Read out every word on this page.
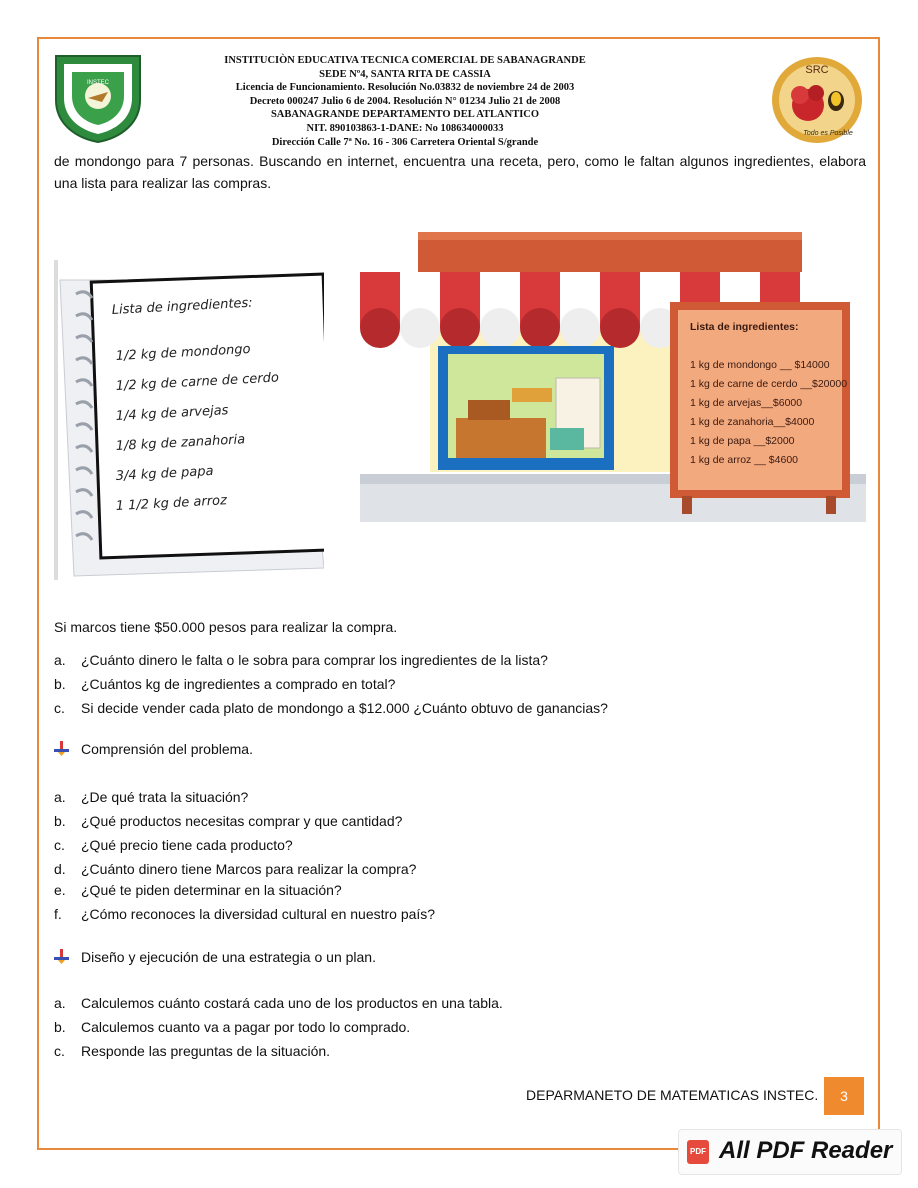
INSTEC
INSTITUCIÒN EDUCATIVA TECNICA COMERCIAL DE SABANAGRANDE
SEDE Nº4, SANTA RITA DE CASSIA
Licencia de Funcionamiento. Resolución No.03832 de noviembre 24 de 2003
Decreto 000247 Julio 6 de 2004. Resolución N° 01234 Julio 21 de 2008
SABANAGRANDE DEPARTAMENTO DEL ATLANTICO
NIT. 890103863-1-DANE: No 108634000033
Dirección Calle 7ª No. 16 - 306 Carretera Oriental S/grande
SRC
Todo es Posible
de mondongo para 7 personas. Buscando en internet, encuentra una receta, pero, como le faltan algunos ingredientes, elabora una lista para realizar las compras.
Lista de ingredientes:
1/2 kg de mondongo
1/2 kg de carne de cerdo
1/4 kg de arvejas
1/8 kg de zanahoria
3/4 kg de papa
1 1/2 kg de arroz
Lista de ingredientes:
1 kg de mondongo __ $14000
1 kg de carne de cerdo __$20000
1 kg de arvejas__$6000
1 kg de zanahoria__$4000
1 kg de papa __$2000
1 kg de arroz __ $4600
Si marcos tiene $50.000 pesos para realizar la compra.
a. ¿Cuánto dinero le falta o le sobra para comprar los ingredientes de la lista?
b. ¿Cuántos kg de ingredientes a comprado en total?
c. Si decide vender cada plato de mondongo a $12.000 ¿Cuánto obtuvo de ganancias?
Comprensión del problema.
a. ¿De qué trata la situación?
b. ¿Qué productos necesitas comprar y que cantidad?
c. ¿Qué precio tiene cada producto?
d. ¿Cuánto dinero tiene Marcos para realizar la compra?
e. ¿Qué te piden determinar en la situación?
f. ¿Cómo reconoces la diversidad cultural en nuestro país?
Diseño y ejecución de una estrategia o un plan.
a. Calculemos cuánto costará cada uno de los productos en una tabla.
b. Calculemos cuanto va a pagar por todo lo comprado.
c. Responde las preguntas de la situación.
DEPARMANETO DE MATEMATICAS INSTEC.	3
PDF All PDF Reader
